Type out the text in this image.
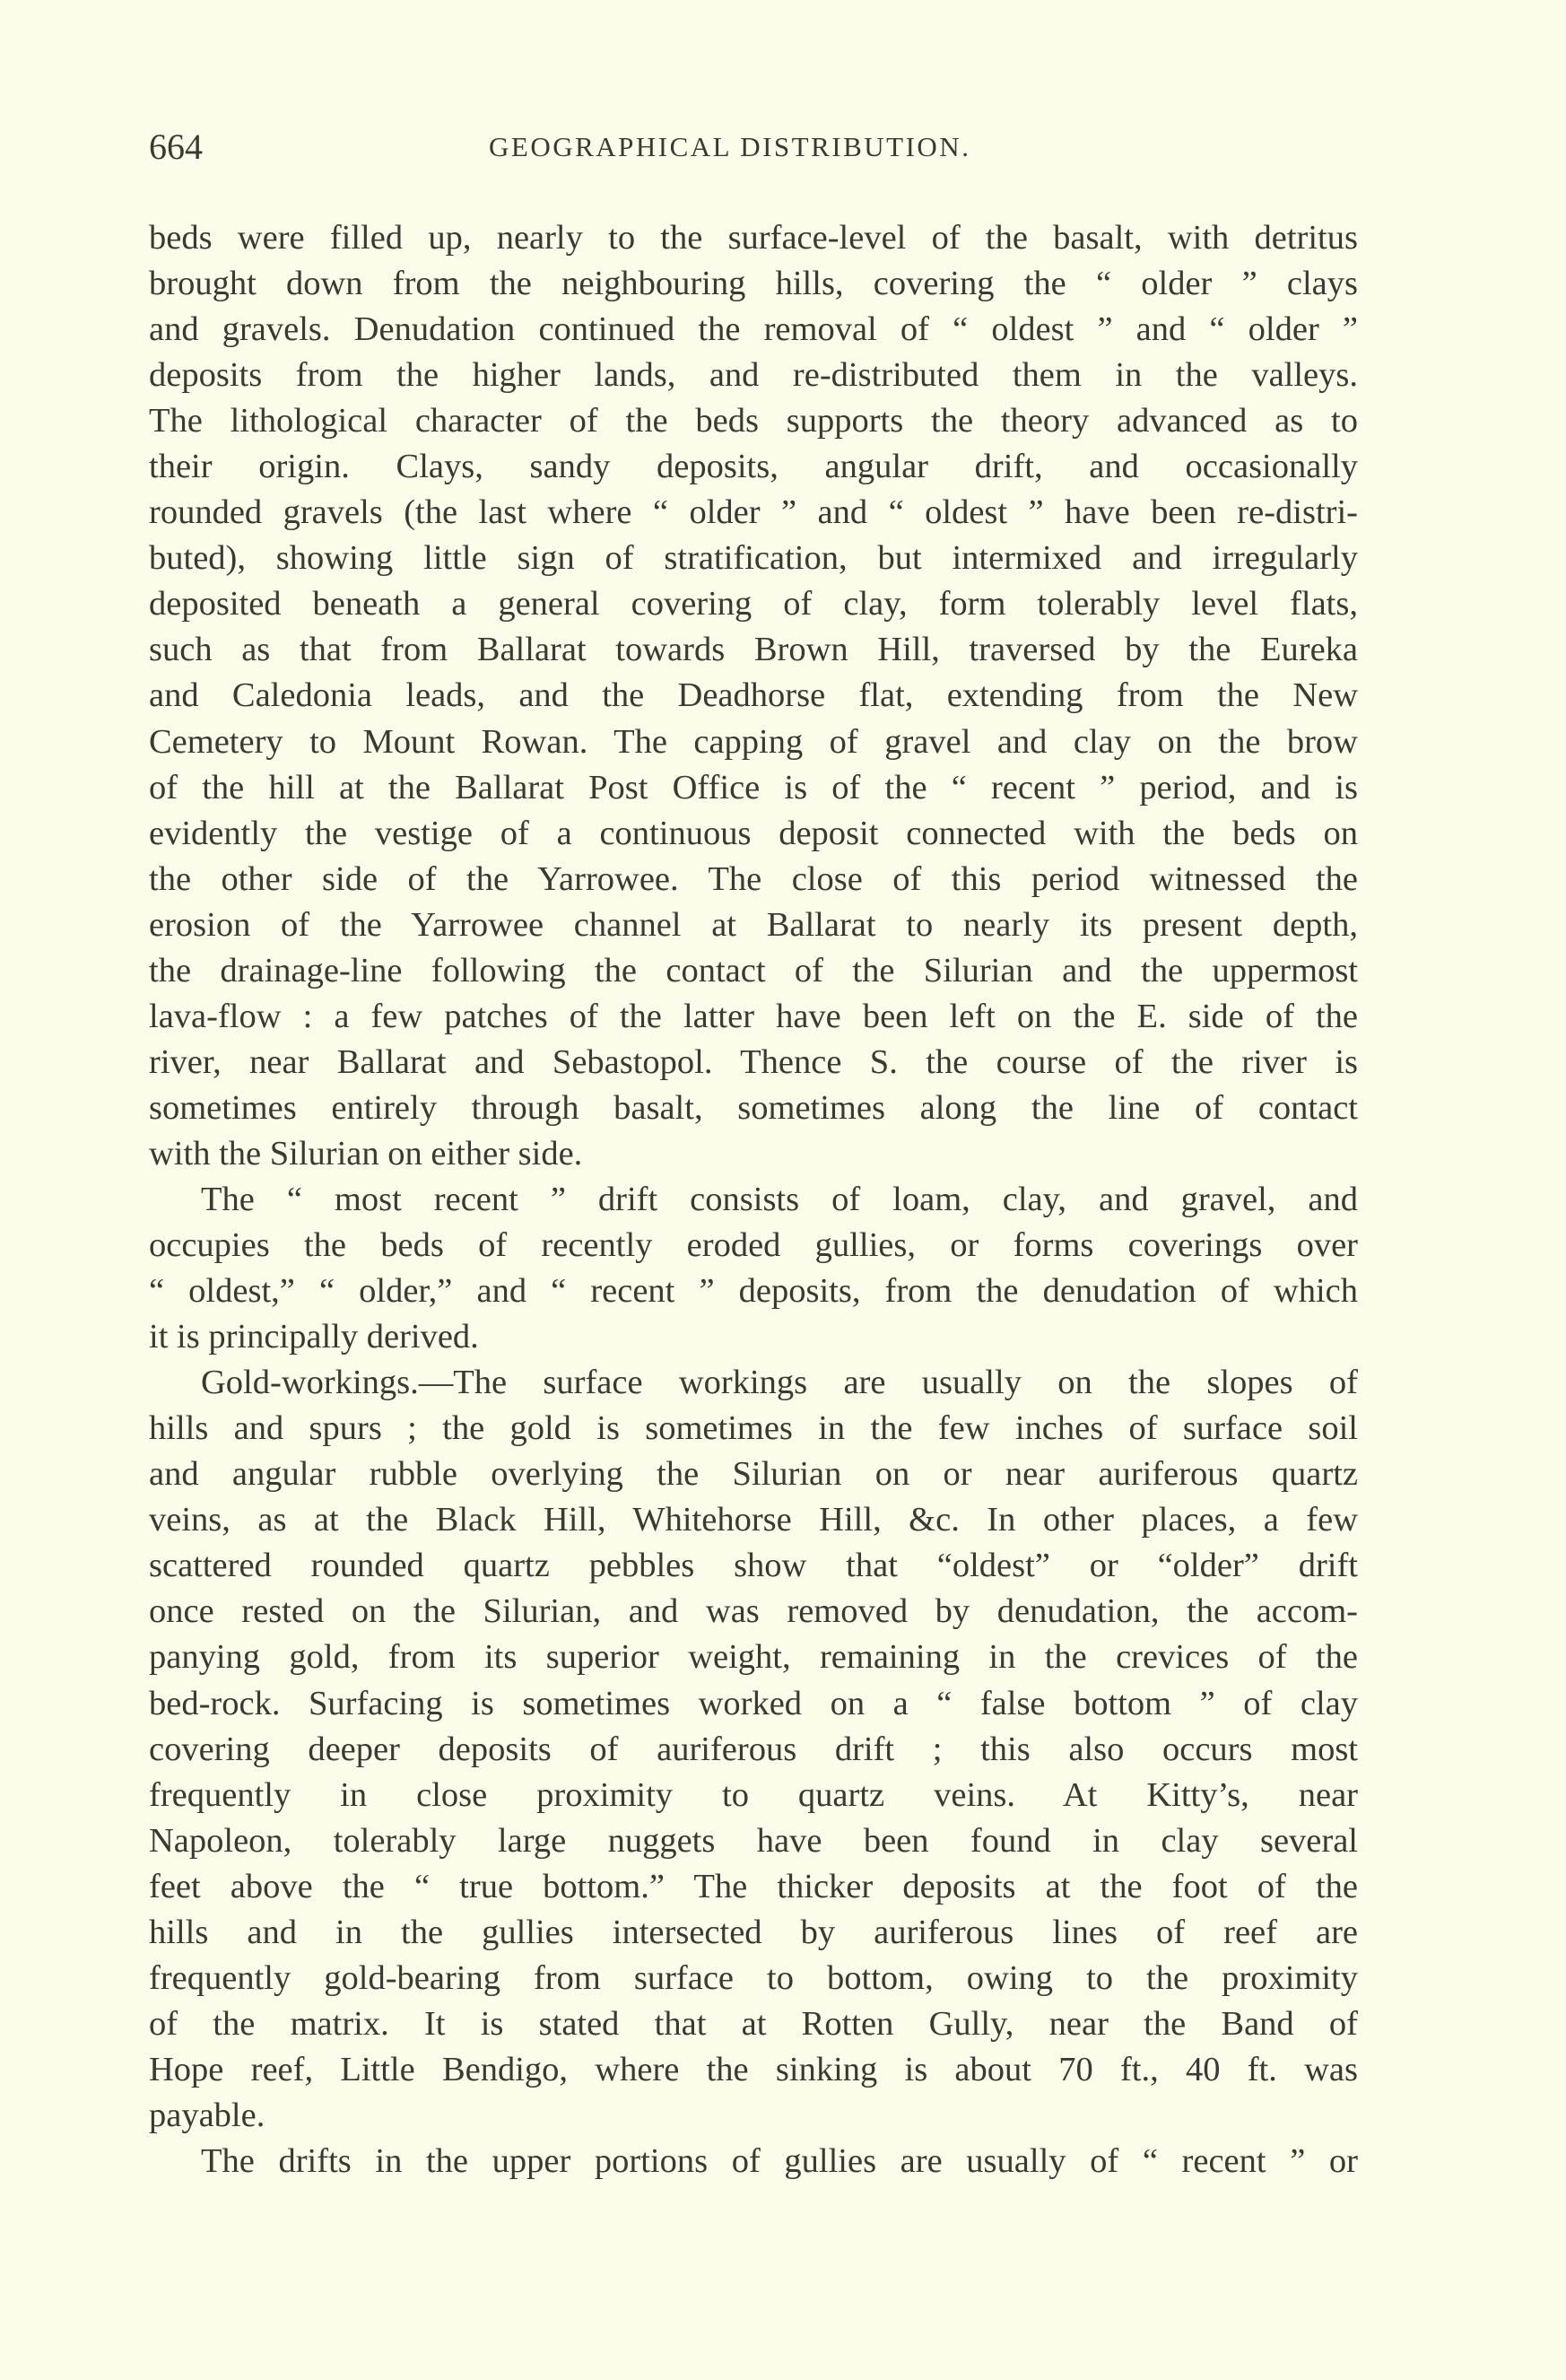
664	GEOGRAPHICAL DISTRIBUTION.
beds were filled up, nearly to the surface-level of the basalt, with detritus
brought down from the neighbouring hills, covering the “ older ” clays
and gravels. Denudation continued the removal of “ oldest ” and “ older ”
deposits from the higher lands, and re-distributed them in the valleys.
The lithological character of the beds supports the theory advanced as to
their origin. Clays, sandy deposits, angular drift, and occasionally
rounded gravels (the last where “ older ” and “ oldest ” have been re-distri-
buted), showing little sign of stratification, but intermixed and irregularly
deposited beneath a general covering of clay, form tolerably level flats,
such as that from Ballarat towards Brown Hill, traversed by the Eureka
and Caledonia leads, and the Deadhorse flat, extending from the New
Cemetery to Mount Rowan. The capping of gravel and clay on the brow
of the hill at the Ballarat Post Office is of the “ recent ” period, and is
evidently the vestige of a continuous deposit connected with the beds on
the other side of the Yarrowee. The close of this period witnessed the
erosion of the Yarrowee channel at Ballarat to nearly its present depth,
the drainage-line following the contact of the Silurian and the uppermost
lava-flow : a few patches of the latter have been left on the E. side of the
river, near Ballarat and Sebastopol. Thence S. the course of the river is
sometimes entirely through basalt, sometimes along the line of contact
with the Silurian on either side.
The “ most recent ” drift consists of loam, clay, and gravel, and
occupies the beds of recently eroded gullies, or forms coverings over
“ oldest,” “ older,” and “ recent ” deposits, from the denudation of which
it is principally derived.
Gold-workings.—The surface workings are usually on the slopes of
hills and spurs ; the gold is sometimes in the few inches of surface soil
and angular rubble overlying the Silurian on or near auriferous quartz
veins, as at the Black Hill, Whitehorse Hill, &c. In other places, a few
scattered rounded quartz pebbles show that “oldest” or “older” drift
once rested on the Silurian, and was removed by denudation, the accom-
panying gold, from its superior weight, remaining in the crevices of the
bed-rock. Surfacing is sometimes worked on a “ false bottom ” of clay
covering deeper deposits of auriferous drift ; this also occurs most
frequently in close proximity to quartz veins. At Kitty’s, near
Napoleon, tolerably large nuggets have been found in clay several
feet above the “ true bottom.” The thicker deposits at the foot of the
hills and in the gullies intersected by auriferous lines of reef are
frequently gold-bearing from surface to bottom, owing to the proximity
of the matrix. It is stated that at Rotten Gully, near the Band of
Hope reef, Little Bendigo, where the sinking is about 70 ft., 40 ft. was
payable.
The drifts in the upper portions of gullies are usually of “ recent ” or
